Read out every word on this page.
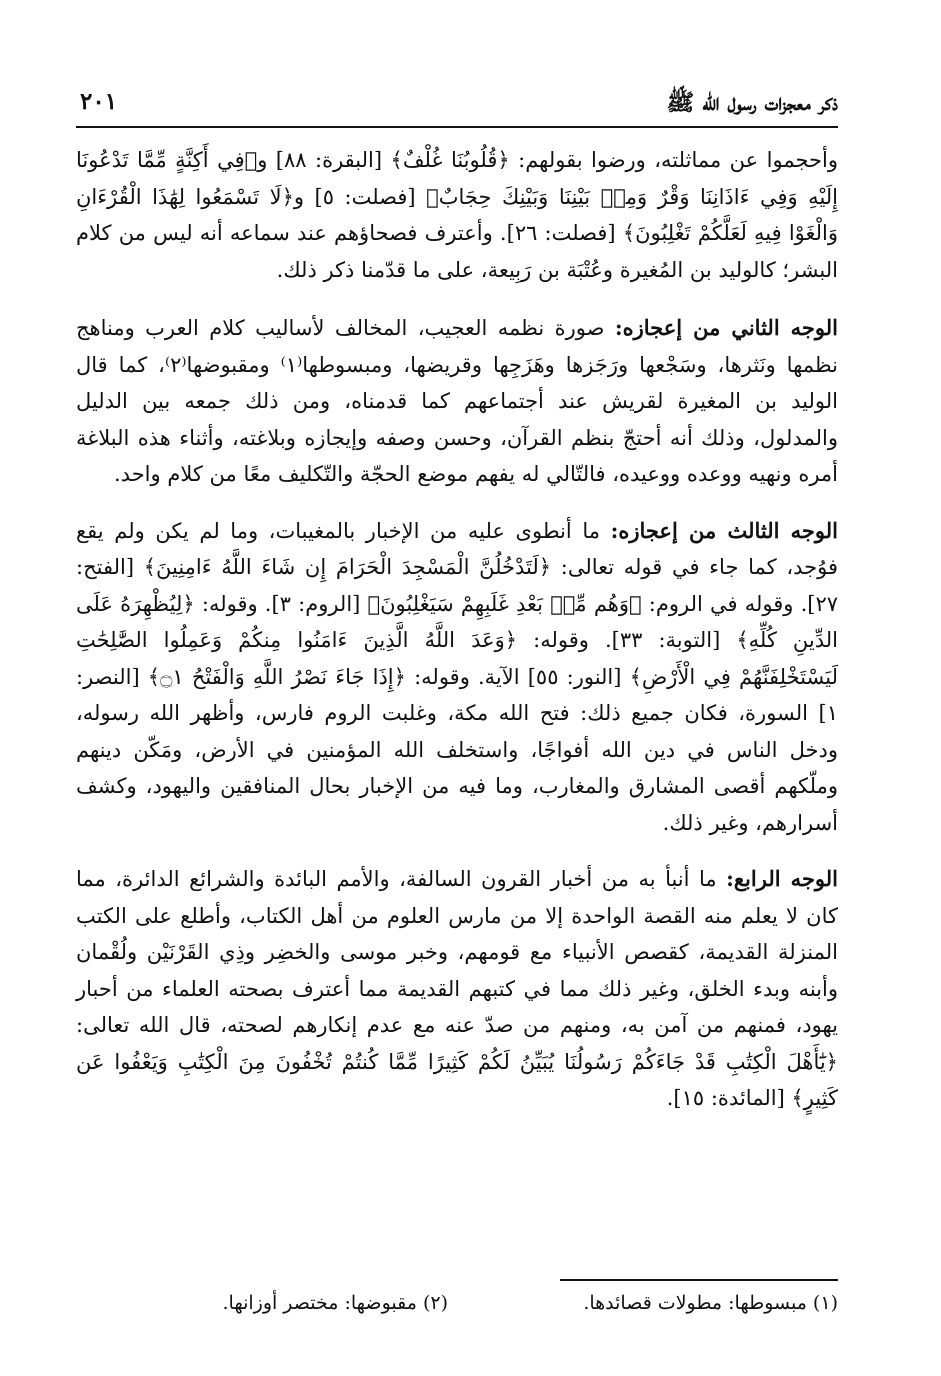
ذكر معجزات رسول الله ﷺ
٢٠١

وأحجموا عن مماثلته، ورضوا بقولهم: ﴿قُلُوبُنَا غُلْفٌ﴾ [البقرة: ٨٨] و﴿فِي أَكِنَّةٍ مِّمَّا تَدْعُونَا إِلَيْهِ وَفِي ءَاذَانِنَا وَقْرٌ وَمِنۢ بَيْنِنَا وَبَيْنِكَ حِجَابٌ﴾ [فصلت: ٥] و﴿لَا تَسْمَعُوا لِهَٰذَا الْقُرْءَانِ وَالْغَوْا فِيهِ لَعَلَّكُمْ تَغْلِبُونَ﴾ [فصلت: ٢٦]. وأعترف فصحاؤهم عند سماعه أنه ليس من كلام البشر؛ كالوليد بن المُغيرة وعُتْبَة بن رَبِيعة، على ما قدّمنا ذكر ذلك.

الوجه الثاني من إعجازه: صورة نظمه العجيب، المخالف لأساليب كلام العرب ومناهج نظمها ونَثرها، وسَجْعها ورَجَزها وهَزَجِها وقريضها، ومبسوطها⁽١⁾ ومقبوضها⁽٢⁾، كما قال الوليد بن المغيرة لقريش عند أجتماعهم كما قدمناه، ومن ذلك جمعه بين الدليل والمدلول، وذلك أنه أحتجّ بنظم القرآن، وحسن وصفه وإيجازه وبلاغته، وأثناء هذه البلاغة أمره ونهيه ووعده ووعيده، فالتّالي له يفهم موضع الحجّة والتّكليف معًا من كلام واحد.

الوجه الثالث من إعجازه: ما أنطوى عليه من الإخبار بالمغيبات، وما لم يكن ولم يقع فوُجد، كما جاء في قوله تعالى: ﴿لَتَدْخُلُنَّ الْمَسْجِدَ الْحَرَامَ إِن شَاءَ اللَّهُ ءَامِنِينَ﴾ [الفتح: ٢٧]. وقوله في الروم: ﴿وَهُم مِّنۢ بَعْدِ غَلَبِهِمْ سَيَغْلِبُونَ﴾ [الروم: ٣]. وقوله: ﴿لِيُظْهِرَهُ عَلَى الدِّينِ كُلِّهِ﴾ [التوبة: ٣٣]. وقوله: ﴿وَعَدَ اللَّهُ الَّذِينَ ءَامَنُوا مِنكُمْ وَعَمِلُوا الصَّٰلِحَٰتِ لَيَسْتَخْلِفَنَّهُمْ فِي الْأَرْضِ﴾ [النور: ٥٥] الآية. وقوله: ﴿إِذَا جَاءَ نَصْرُ اللَّهِ وَالْفَتْحُ ۝١﴾ [النصر: ١] السورة، فكان جميع ذلك: فتح الله مكة، وغلبت الروم فارس، وأظهر الله رسوله، ودخل الناس في دين الله أفواجًا، واستخلف الله المؤمنين في الأرض، ومَكّن دينهم وملّكهم أقصى المشارق والمغارب، وما فيه من الإخبار بحال المنافقين واليهود، وكشف أسرارهم، وغير ذلك.

الوجه الرابع: ما أنبأ به من أخبار القرون السالفة، والأمم البائدة والشرائع الدائرة، مما كان لا يعلم منه القصة الواحدة إلا من مارس العلوم من أهل الكتاب، وأطلع على الكتب المنزلة القديمة، كقصص الأنبياء مع قومهم، وخبر موسى والخضِر وذِي القَرْنَيْن ولُقْمان وأبنه وبدء الخلق، وغير ذلك مما في كتبهم القديمة مما أعترف بصحته العلماء من أحبار يهود، فمنهم من آمن به، ومنهم من صدّ عنه مع عدم إنكارهم لصحته، قال الله تعالى: ﴿يَٰٓأَهْلَ الْكِتَٰبِ قَدْ جَاءَكُمْ رَسُولُنَا يُبَيِّنُ لَكُمْ كَثِيرًا مِّمَّا كُنتُمْ تُخْفُونَ مِنَ الْكِتَٰبِ وَيَعْفُوا عَن كَثِيرٍ﴾ [المائدة: ١٥].

(١) مبسوطها: مطولات قصائدها.
(٢) مقبوضها: مختصر أوزانها.
